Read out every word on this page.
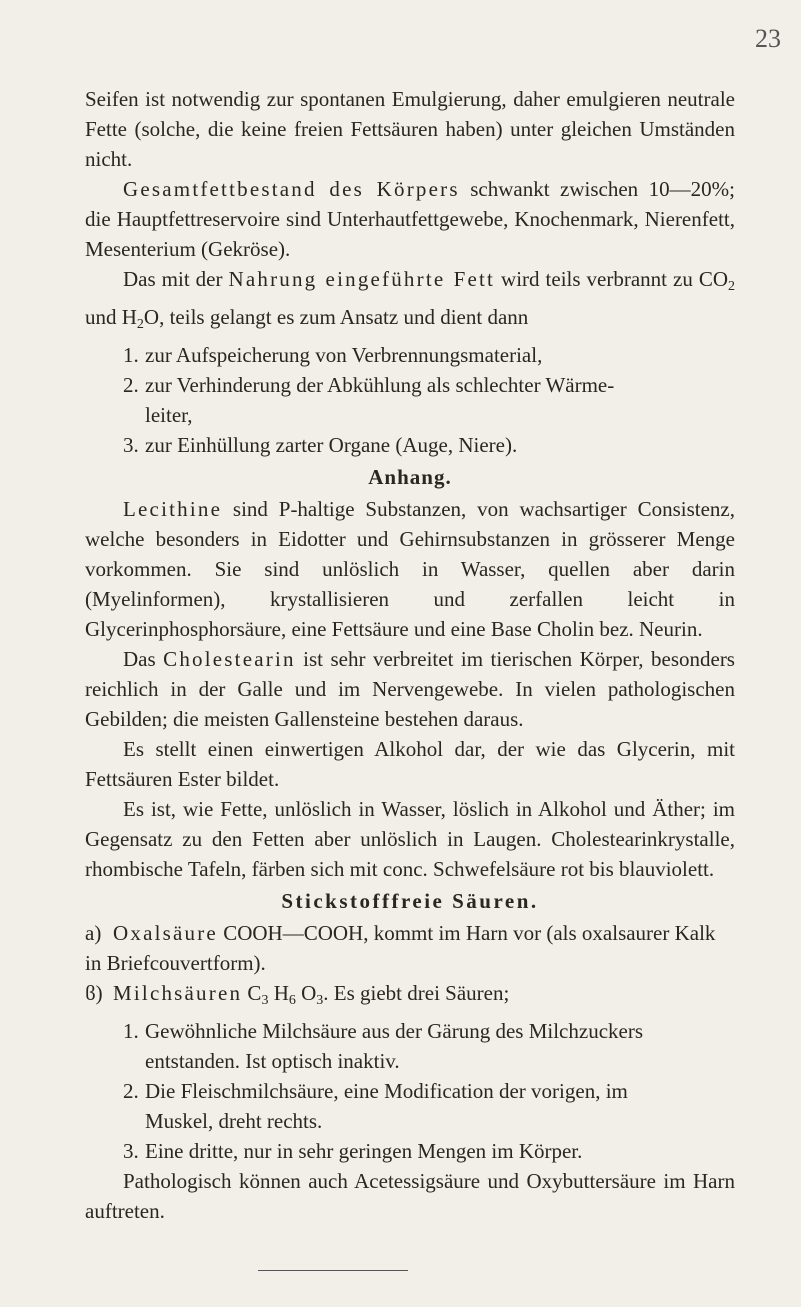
23

Seifen ist notwendig zur spontanen Emulgierung, daher emulgieren neutrale Fette (solche, die keine freien Fettsäuren haben) unter gleichen Umständen nicht.

Gesamtfettbestand des Körpers schwankt zwischen 10—20%; die Hauptfettreservoire sind Unterhautfettgewebe, Knochenmark, Nierenfett, Mesenterium (Gekröse).

Das mit der Nahrung eingeführte Fett wird teils verbrannt zu $CO_2$ und $H_2O$, teils gelangt es zum Ansatz und dient dann

1. zur Aufspeicherung von Verbrennungsmaterial,

2. zur Verhinderung der Abkühlung als schlechter Wärme-
leiter,

3. zur Einhüllung zarter Organe (Auge, Niere).

Anhang.

Lecithine sind P-haltige Substanzen, von wachsartiger Consistenz, welche besonders in Eidotter und Gehirnsubstanzen in grösserer Menge vorkommen. Sie sind unlöslich in Wasser, quellen aber darin (Myelinformen), krystallisieren und zerfallen leicht in Glycerinphosphorsäure, eine Fettsäure und eine Base Cholin bez. Neurin.

Das Cholestearin ist sehr verbreitet im tierischen Körper, besonders reichlich in der Galle und im Nervengewebe. In vielen pathologischen Gebilden; die meisten Gallensteine bestehen daraus.

Es stellt einen einwertigen Alkohol dar, der wie das Glycerin, mit Fettsäuren Ester bildet.

Es ist, wie Fette, unlöslich in Wasser, löslich in Alkohol und Äther; im Gegensatz zu den Fetten aber unlöslich in Laugen. Cholestearinkrystalle, rhombische Tafeln, färben sich mit conc. Schwefelsäure rot bis blauviolett.

Stickstofffreie Säuren.

a) Oxalsäure COOH—COOH, kommt im Harn vor (als oxalsaurer Kalk in Briefcouvertform).

ϐ) Milchsäuren $C_3$ $H_6$ $O_3$. Es giebt drei Säuren;

1. Gewöhnliche Milchsäure aus der Gärung des Milchzuckers
entstanden. Ist optisch inaktiv.

2. Die Fleischmilchsäure, eine Modification der vorigen, im
Muskel, dreht rechts.

3. Eine dritte, nur in sehr geringen Mengen im Körper.

Pathologisch können auch Acetessigsäure und Oxybuttersäure im Harn auftreten.
